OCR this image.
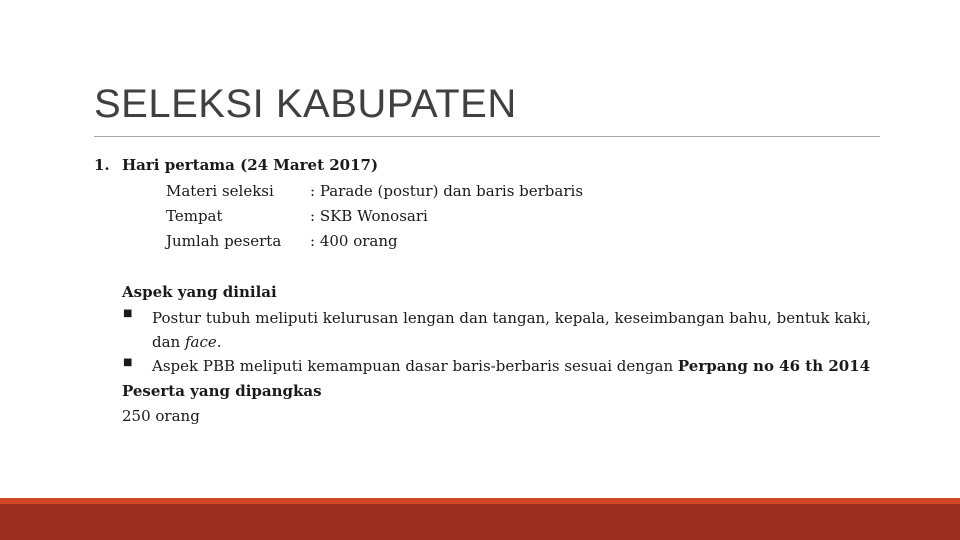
SELEKSI KABUPATEN
1. Hari pertama (24 Maret 2017)
Materi seleksi : Parade (postur) dan baris berbaris
Tempat	: SKB Wonosari
Jumlah peserta : 400 orang
Aspek yang dinilai
■ Postur tubuh meliputi kelurusan lengan dan tangan, kepala, keseimbangan bahu, bentuk kaki,
dan face.
■ Aspek PBB meliputi kemampuan dasar baris-berbaris sesuai dengan Perpang no 46 th 2014
Peserta yang dipangkas
250 orang
